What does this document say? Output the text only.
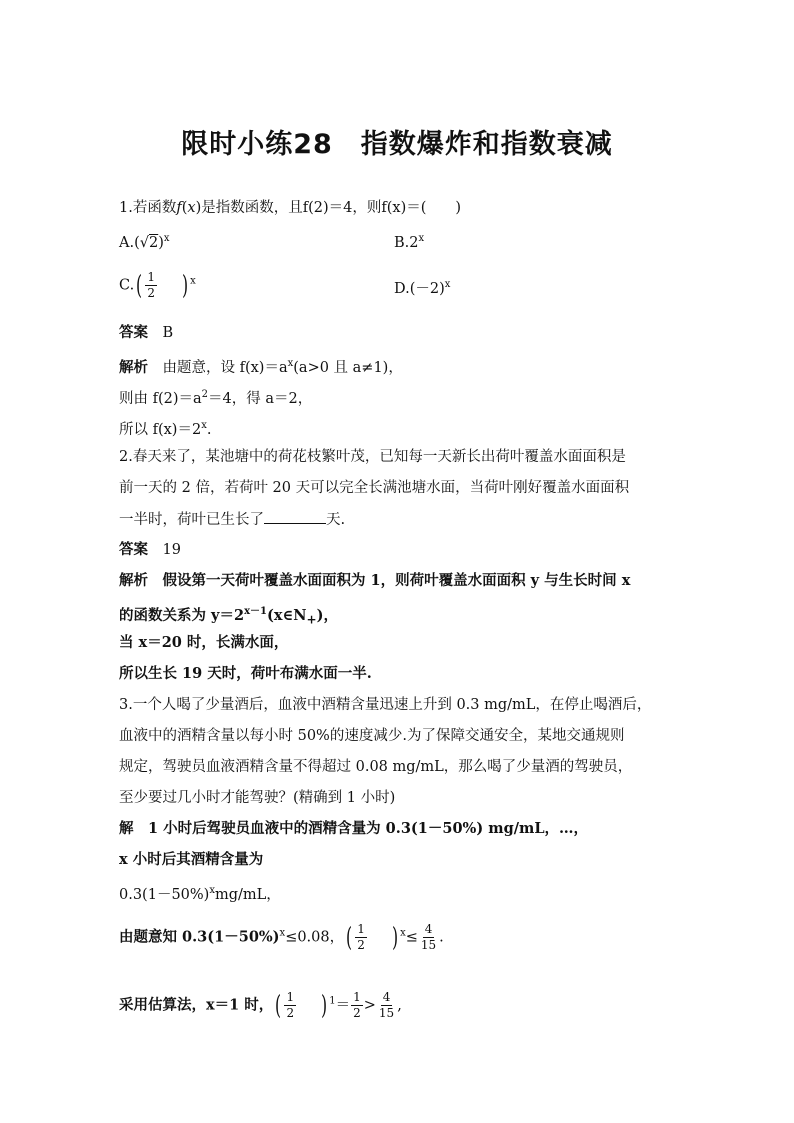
限时小练28　指数爆炸和指数衰减
1.若函数f(x)是指数函数，且f(2)＝4，则f(x)＝(　　)
$A.(√2)^x$	B.2$^x$
$C.( \frac{1}{2}$ ) $^x$	$D.(-2)^x$
答案　 B
解析　 由题意，设 $f(x)=a^x(a>0$ 且 a≠1)，
则由 $f(2)=a^2=4$，得 a＝2，
所以 $f(x)=2^x$.
2.春天来了，某池塘中的荷花枝繁叶茂，已知每一天新长出荷叶覆盖水面面积是
前一天的 2 倍，若荷叶 20 天可以完全长满池塘水面，当荷叶刚好覆盖水面面积
一半时，荷叶已生长了	天.
答案　 19
解析　 假设第一天荷叶覆盖水面面积为 1，则荷叶覆盖水面面积 y 与生长时间 x
的函数关系为 $y=2^{x-1}(x\in N_+)$，
当 x＝20 时，长满水面，
所以生长 19 天时，荷叶布满水面一半.
3.一个人喝了少量酒后，血液中酒精含量迅速上升到 0.3 mg/mL，在停止喝酒后，
血液中的酒精含量以每小时 50%的速度减少.为了保障交通安全，某地交通规则
规定，驾驶员血液酒精含量不得超过 0.08 mg/mL，那么喝了少量酒的驾驶员，
至少要过几小时才能驾驶？(精确到 1 小时)
解　 1 小时后驾驶员血液中的酒精含量为 0.3(1－50%) mg/mL，…，
x 小时后其酒精含量为
$0.3(1-50\%)^xmg/mL$，
由题意知 $0.3(1-50\%)^x\le 0.08$，( $\frac{1}{2}$ ) $^x\le \frac{4}{15}$ .
采用估算法，x＝1 时，( $\frac{1}{2}$ ) $^1= \frac{1}{2} > \frac{4}{15}$ ,
